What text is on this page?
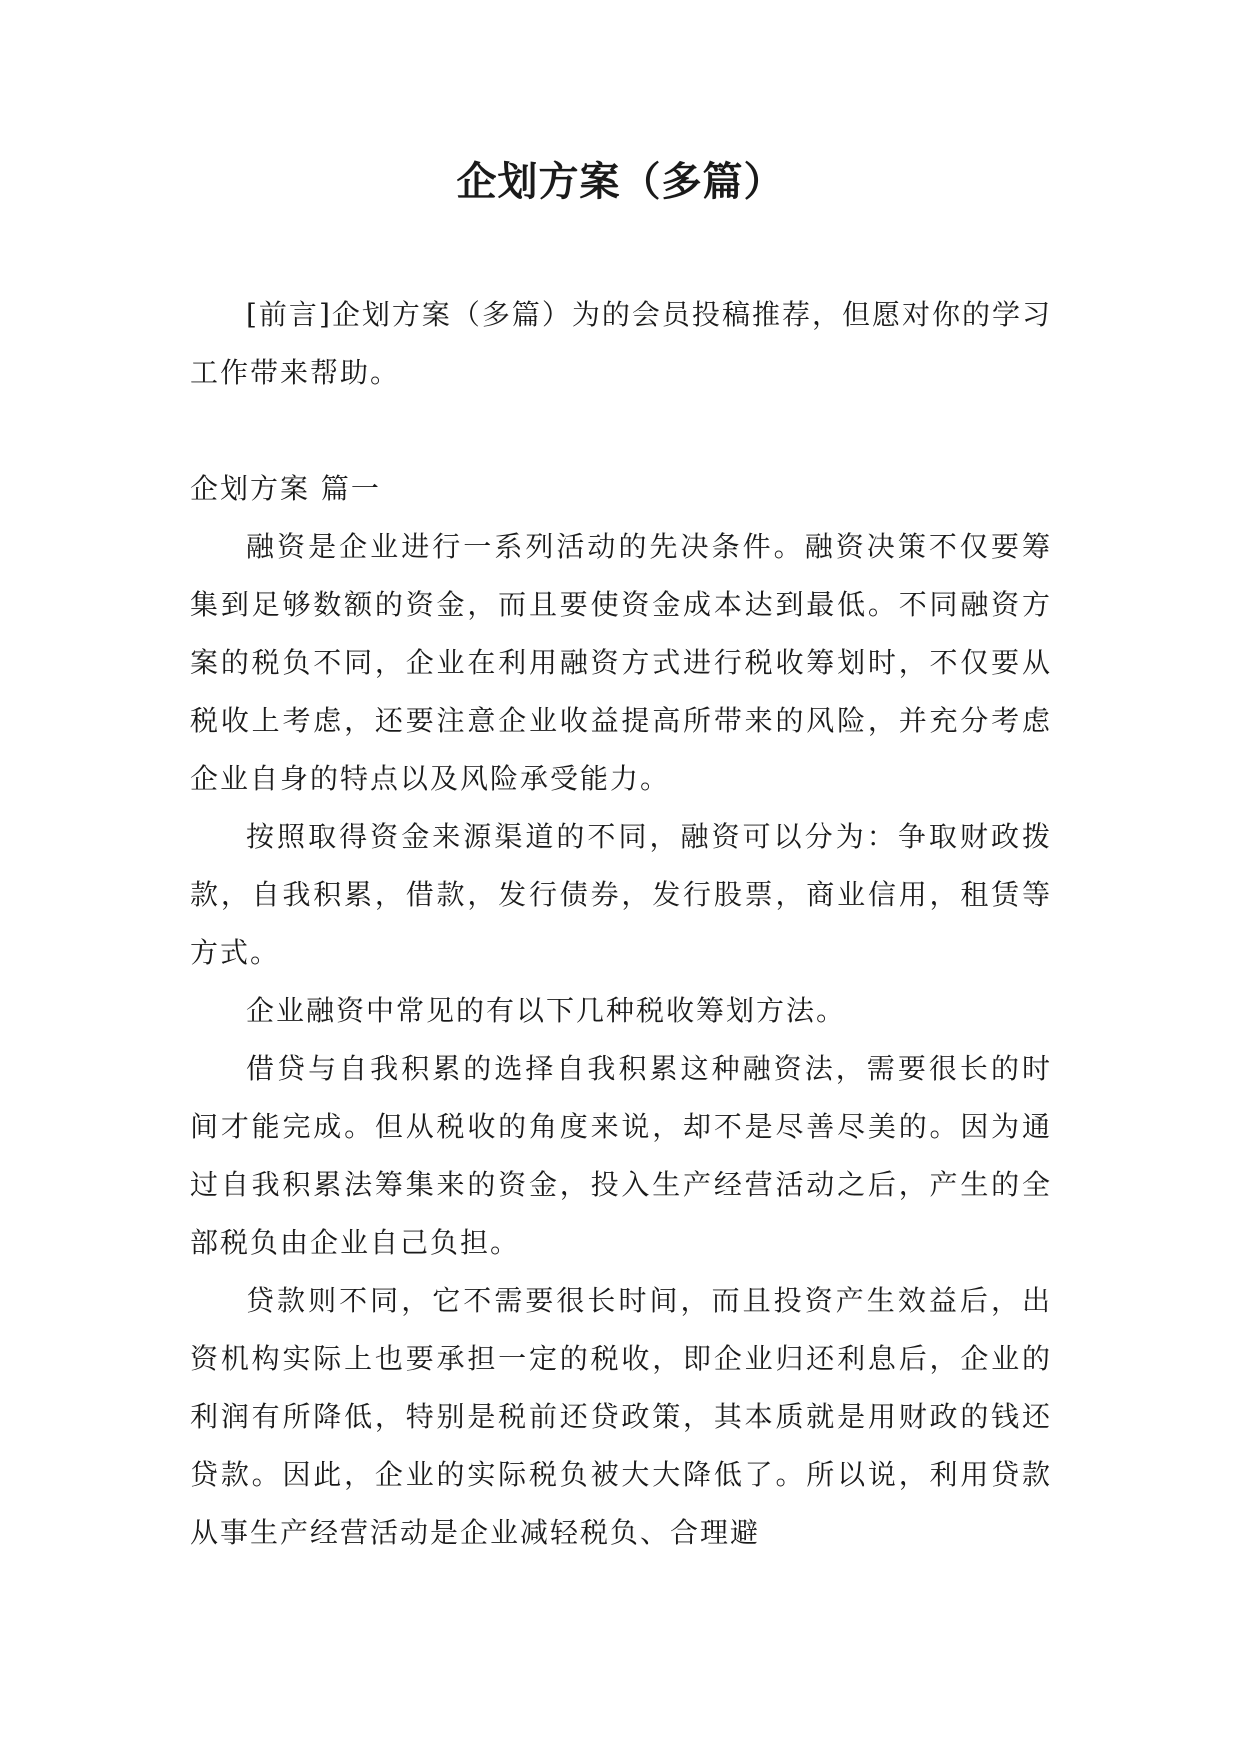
企划方案（多篇）

[前言]企划方案（多篇）为的会员投稿推荐，但愿对你的学习工作带来帮助。

企划方案 篇一

融资是企业进行一系列活动的先决条件。融资决策不仅要筹集到足够数额的资金，而且要使资金成本达到最低。不同融资方案的税负不同，企业在利用融资方式进行税收筹划时，不仅要从税收上考虑，还要注意企业收益提高所带来的风险，并充分考虑企业自身的特点以及风险承受能力。

按照取得资金来源渠道的不同，融资可以分为：争取财政拨款，自我积累，借款，发行债券，发行股票，商业信用，租赁等方式。

企业融资中常见的有以下几种税收筹划方法。

借贷与自我积累的选择自我积累这种融资法，需要很长的时间才能完成。但从税收的角度来说，却不是尽善尽美的。因为通过自我积累法筹集来的资金，投入生产经营活动之后，产生的全部税负由企业自己负担。

贷款则不同，它不需要很长时间，而且投资产生效益后，出资机构实际上也要承担一定的税收，即企业归还利息后，企业的利润有所降低，特别是税前还贷政策，其本质就是用财政的钱还贷款。因此，企业的实际税负被大大降低了。所以说，利用贷款从事生产经营活动是企业减轻税负、合理避
